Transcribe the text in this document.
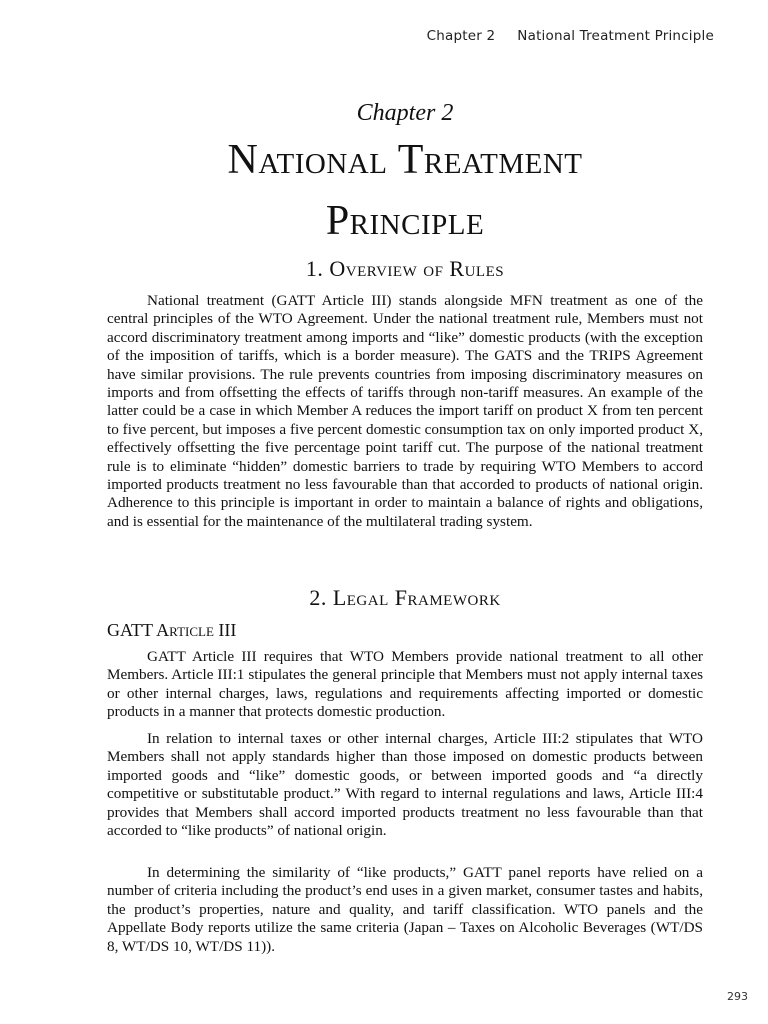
Chapter 2 National Treatment Principle
Chapter 2
National Treatment
Principle
1. Overview of Rules

National treatment (GATT Article III) stands alongside MFN treatment as one of the central principles of the WTO Agreement. Under the national treatment rule, Members must not accord discriminatory treatment among imports and “like” domestic products (with the exception of the imposition of tariffs, which is a border measure). The GATS and the TRIPS Agreement have similar provisions. The rule prevents countries from imposing discriminatory measures on imports and from offsetting the effects of tariffs through non-tariff measures. An example of the latter could be a case in which Member A reduces the import tariff on product X from ten percent to five percent, but imposes a five percent domestic consumption tax on only imported product X, effectively offsetting the five percentage point tariff cut. The purpose of the national treatment rule is to eliminate “hidden” domestic barriers to trade by requiring WTO Members to accord imported products treatment no less favourable than that accorded to products of national origin. Adherence to this principle is important in order to maintain a balance of rights and obligations, and is essential for the maintenance of the multilateral trading system.

2. Legal Framework
GATT Article III

GATT Article III requires that WTO Members provide national treatment to all other Members. Article III:1 stipulates the general principle that Members must not apply internal taxes or other internal charges, laws, regulations and requirements affecting imported or domestic products in a manner that protects domestic production.

In relation to internal taxes or other internal charges, Article III:2 stipulates that WTO Members shall not apply standards higher than those imposed on domestic products between imported goods and “like” domestic goods, or between imported goods and “a directly competitive or substitutable product.” With regard to internal regulations and laws, Article III:4 provides that Members shall accord imported products treatment no less favourable than that accorded to “like products” of national origin.

In determining the similarity of “like products,” GATT panel reports have relied on a number of criteria including the product’s end uses in a given market, consumer tastes and habits, the product’s properties, nature and quality, and tariff classification. WTO panels and the Appellate Body reports utilize the same criteria (Japan – Taxes on Alcoholic Beverages (WT/DS 8, WT/DS 10, WT/DS 11)).

293
